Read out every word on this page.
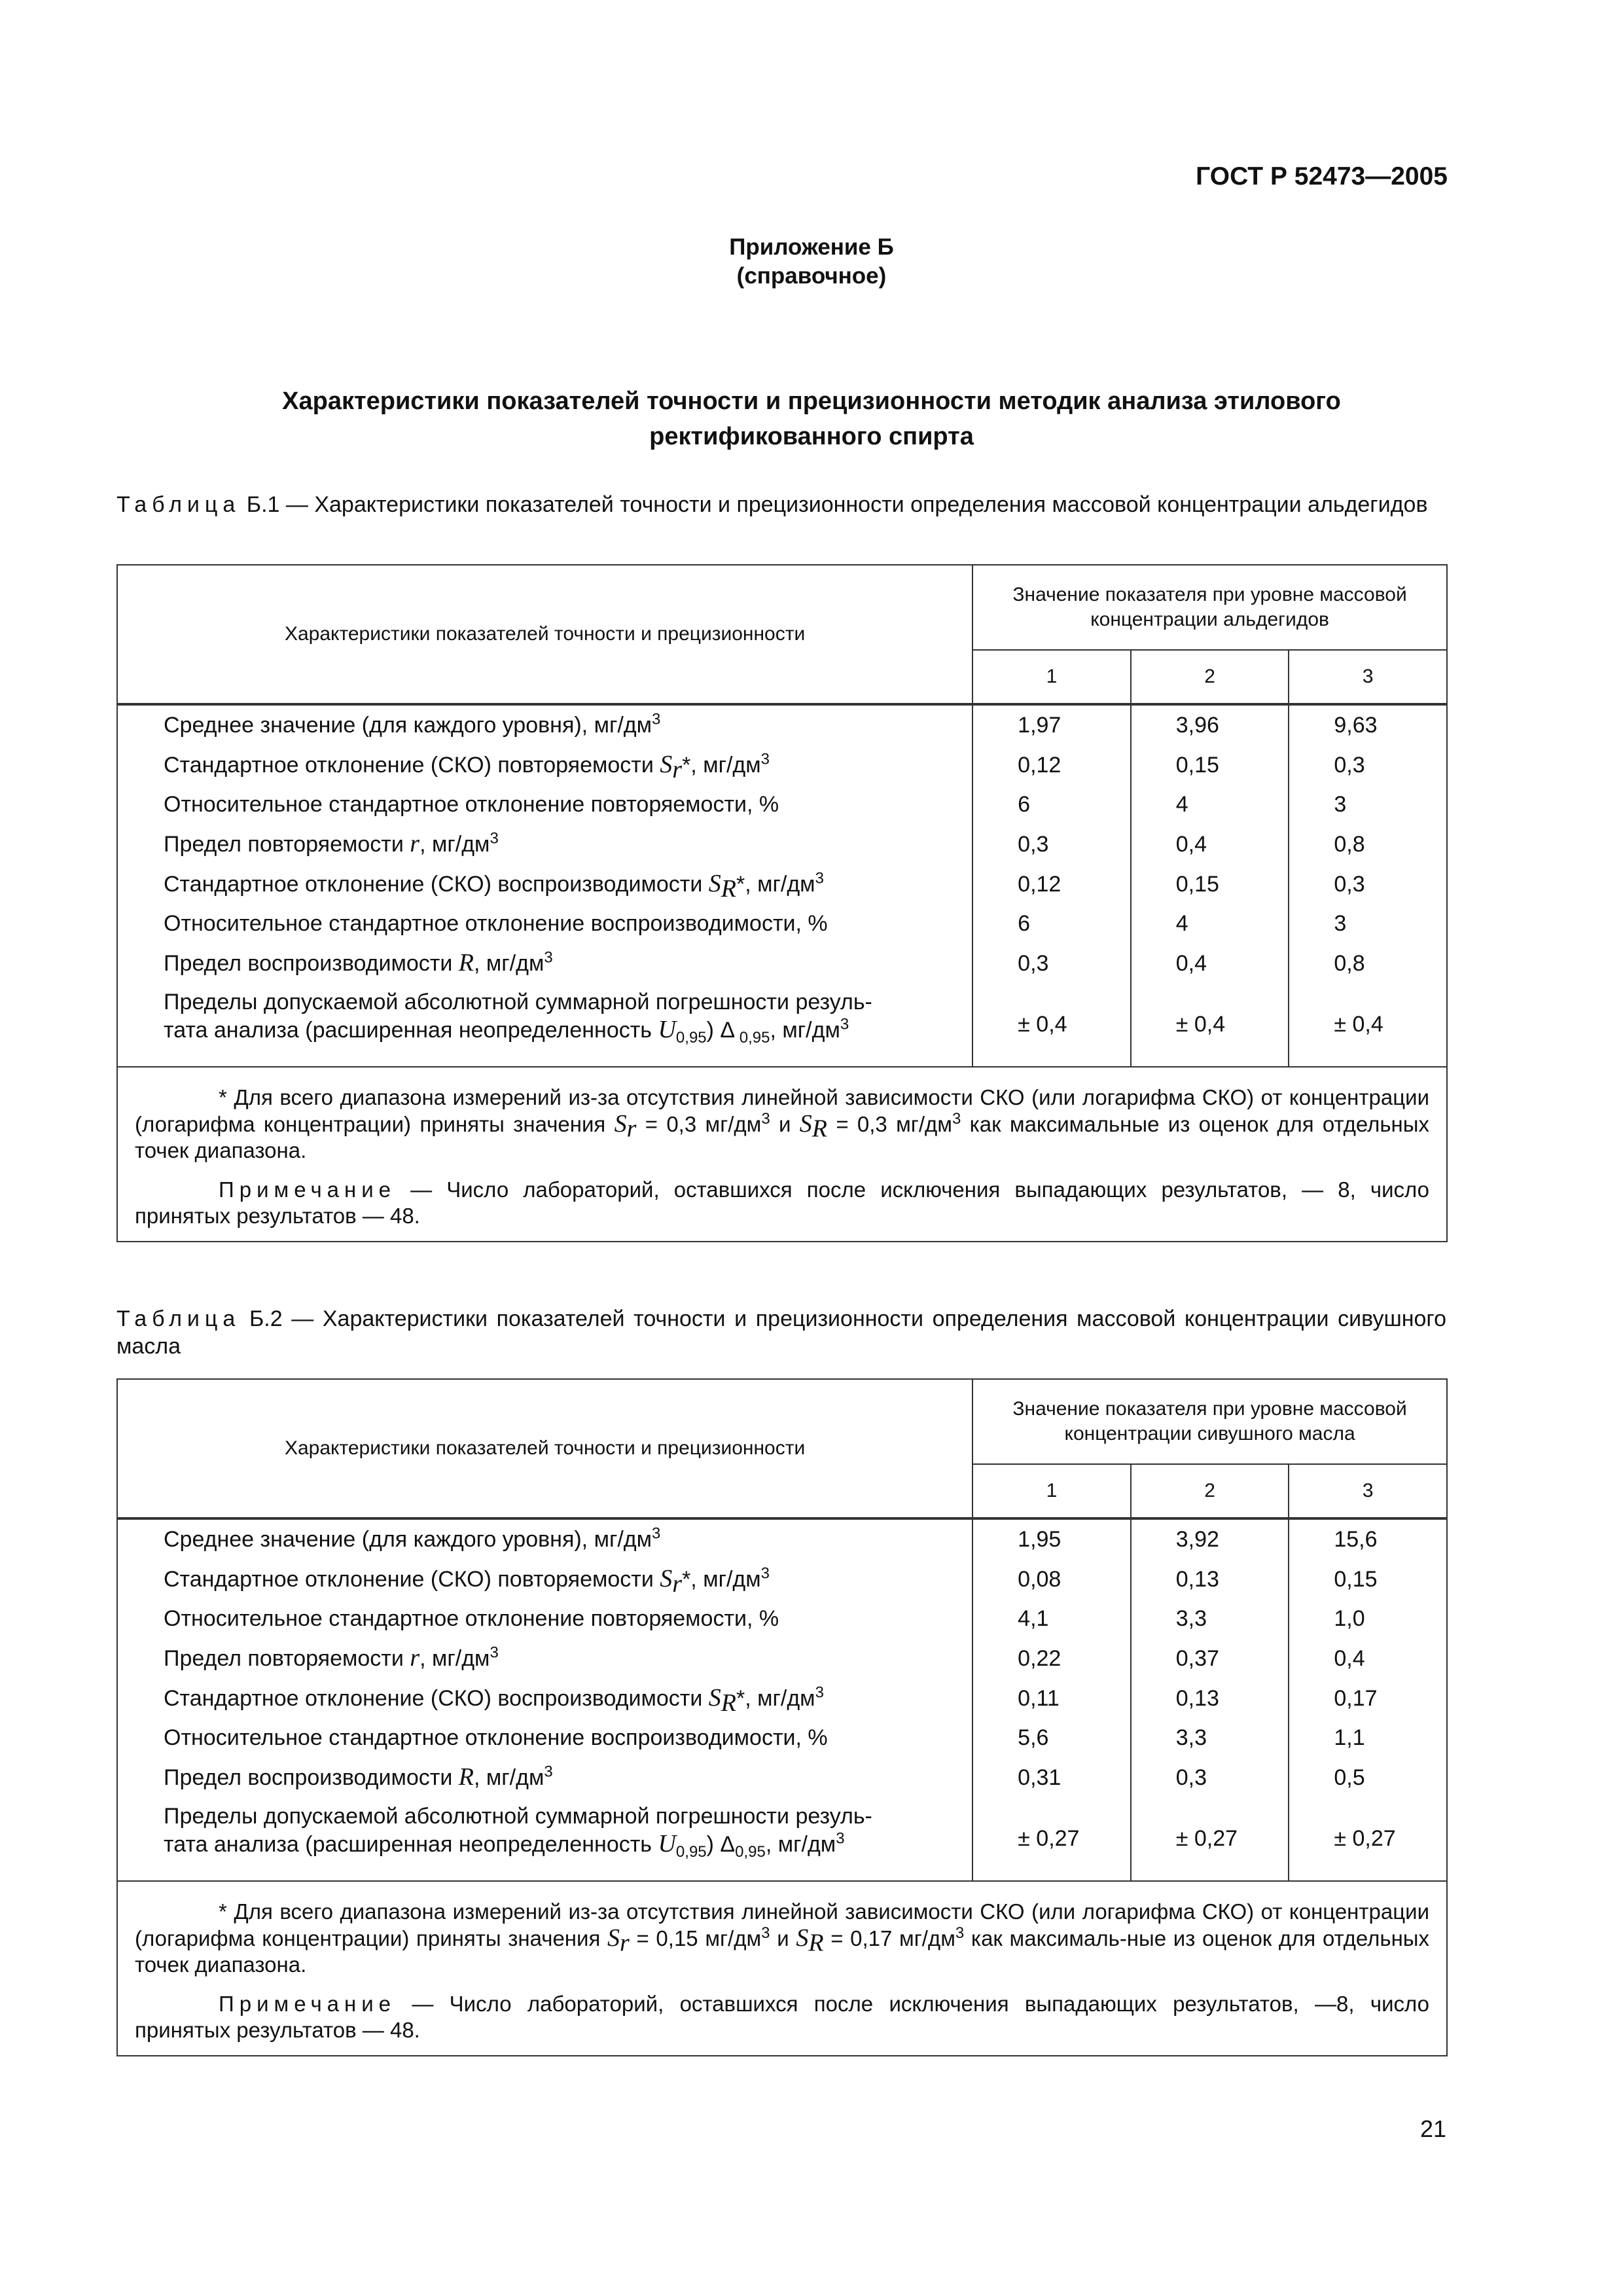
ГОСТ Р 52473—2005
Приложение Б
(справочное)
Характеристики показателей точности и прецизионности методик анализа этилового
ректификованного спирта
Таблица Б.1 — Характеристики показателей точности и прецизионности определения массовой концентрации альдегидов
Характеристики показателей точности и прецизионности	Значение показателя при уровне массовой концентрации альдегидов		
	1	2	3
Среднее значение (для каждого уровня), $мг/дм^3$	1,97	3,96	9,63
Стандартное отклонение (СКО) повторяемости $S_r*$, $мг/дм^3$	0,12	0,15	0,3
Относительное стандартное отклонение повторяемости, %	6	4	3
Предел повторяемости r, $мг/дм^3$	0,3	0,4	0,8
Стандартное отклонение (СКО) воспроизводимости $S_R*$, $мг/дм^3$	0,12	0,15	0,3
Относительное стандартное отклонение воспроизводимости, %	6	4	3
Предел воспроизводимости R, $мг/дм^3$	0,3	0,4	0,8

Пределы допускаемой абсолютной суммарной погрешности резуль-
тата анализа (расширенная неопределенность $U_{0,95}$) Δ $_{0,95}$, $мг/дм^3$	± 0,4	± 0,4	± 0,4

* Для всего диапазона измерений из-за отсутствия линейной зависимости СКО (или логарифма СКО) от концентрации (логарифма концентрации) приняты значения $S_r = 0,3$ $мг/дм^3$ и $S_R = 0,3$ $мг/дм^3$ как максимальные из оценок для отдельных точек диапазона.

Примечание — Число лабораторий, оставшихся после исключения выпадающих результатов, — 8, число принятых результатов — 48.			

Таблица Б.2 — Характеристики показателей точности и прецизионности определения массовой концентрации сивушного масла
Характеристики показателей точности и прецизионности	Значение показателя при уровне массовой концентрации сивушного масла		
	1	2	3
Среднее значение (для каждого уровня), $мг/дм^3$	1,95	3,92	15,6
Стандартное отклонение (СКО) повторяемости $S_r*$, $мг/дм^3$	0,08	0,13	0,15
Относительное стандартное отклонение повторяемости, %	4,1	3,3	1,0
Предел повторяемости r, $мг/дм^3$	0,22	0,37	0,4
Стандартное отклонение (СКО) воспроизводимости $S_R*$, $мг/дм^3$	0,11	0,13	0,17
Относительное стандартное отклонение воспроизводимости, %	5,6	3,3	1,1
Предел воспроизводимости R, $мг/дм^3$	0,31	0,3	0,5

Пределы допускаемой абсолютной суммарной погрешности резуль-
тата анализа (расширенная неопределенность $U_{0,95}$) $\Delta_{0,95}$, $мг/дм^3$	± 0,27	± 0,27	± 0,27

* Для всего диапазона измерений из-за отсутствия линейной зависимости СКО (или логарифма СКО) от концентрации (логарифма концентрации) приняты значения $S_r = 0,15$ $мг/дм^3$ и $S_R = 0,17$ $мг/дм^3$ как максималь-ные из оценок для отдельных точек диапазона.

Примечание — Число лабораторий, оставшихся после исключения выпадающих результатов, —8, число принятых результатов — 48.			

21
